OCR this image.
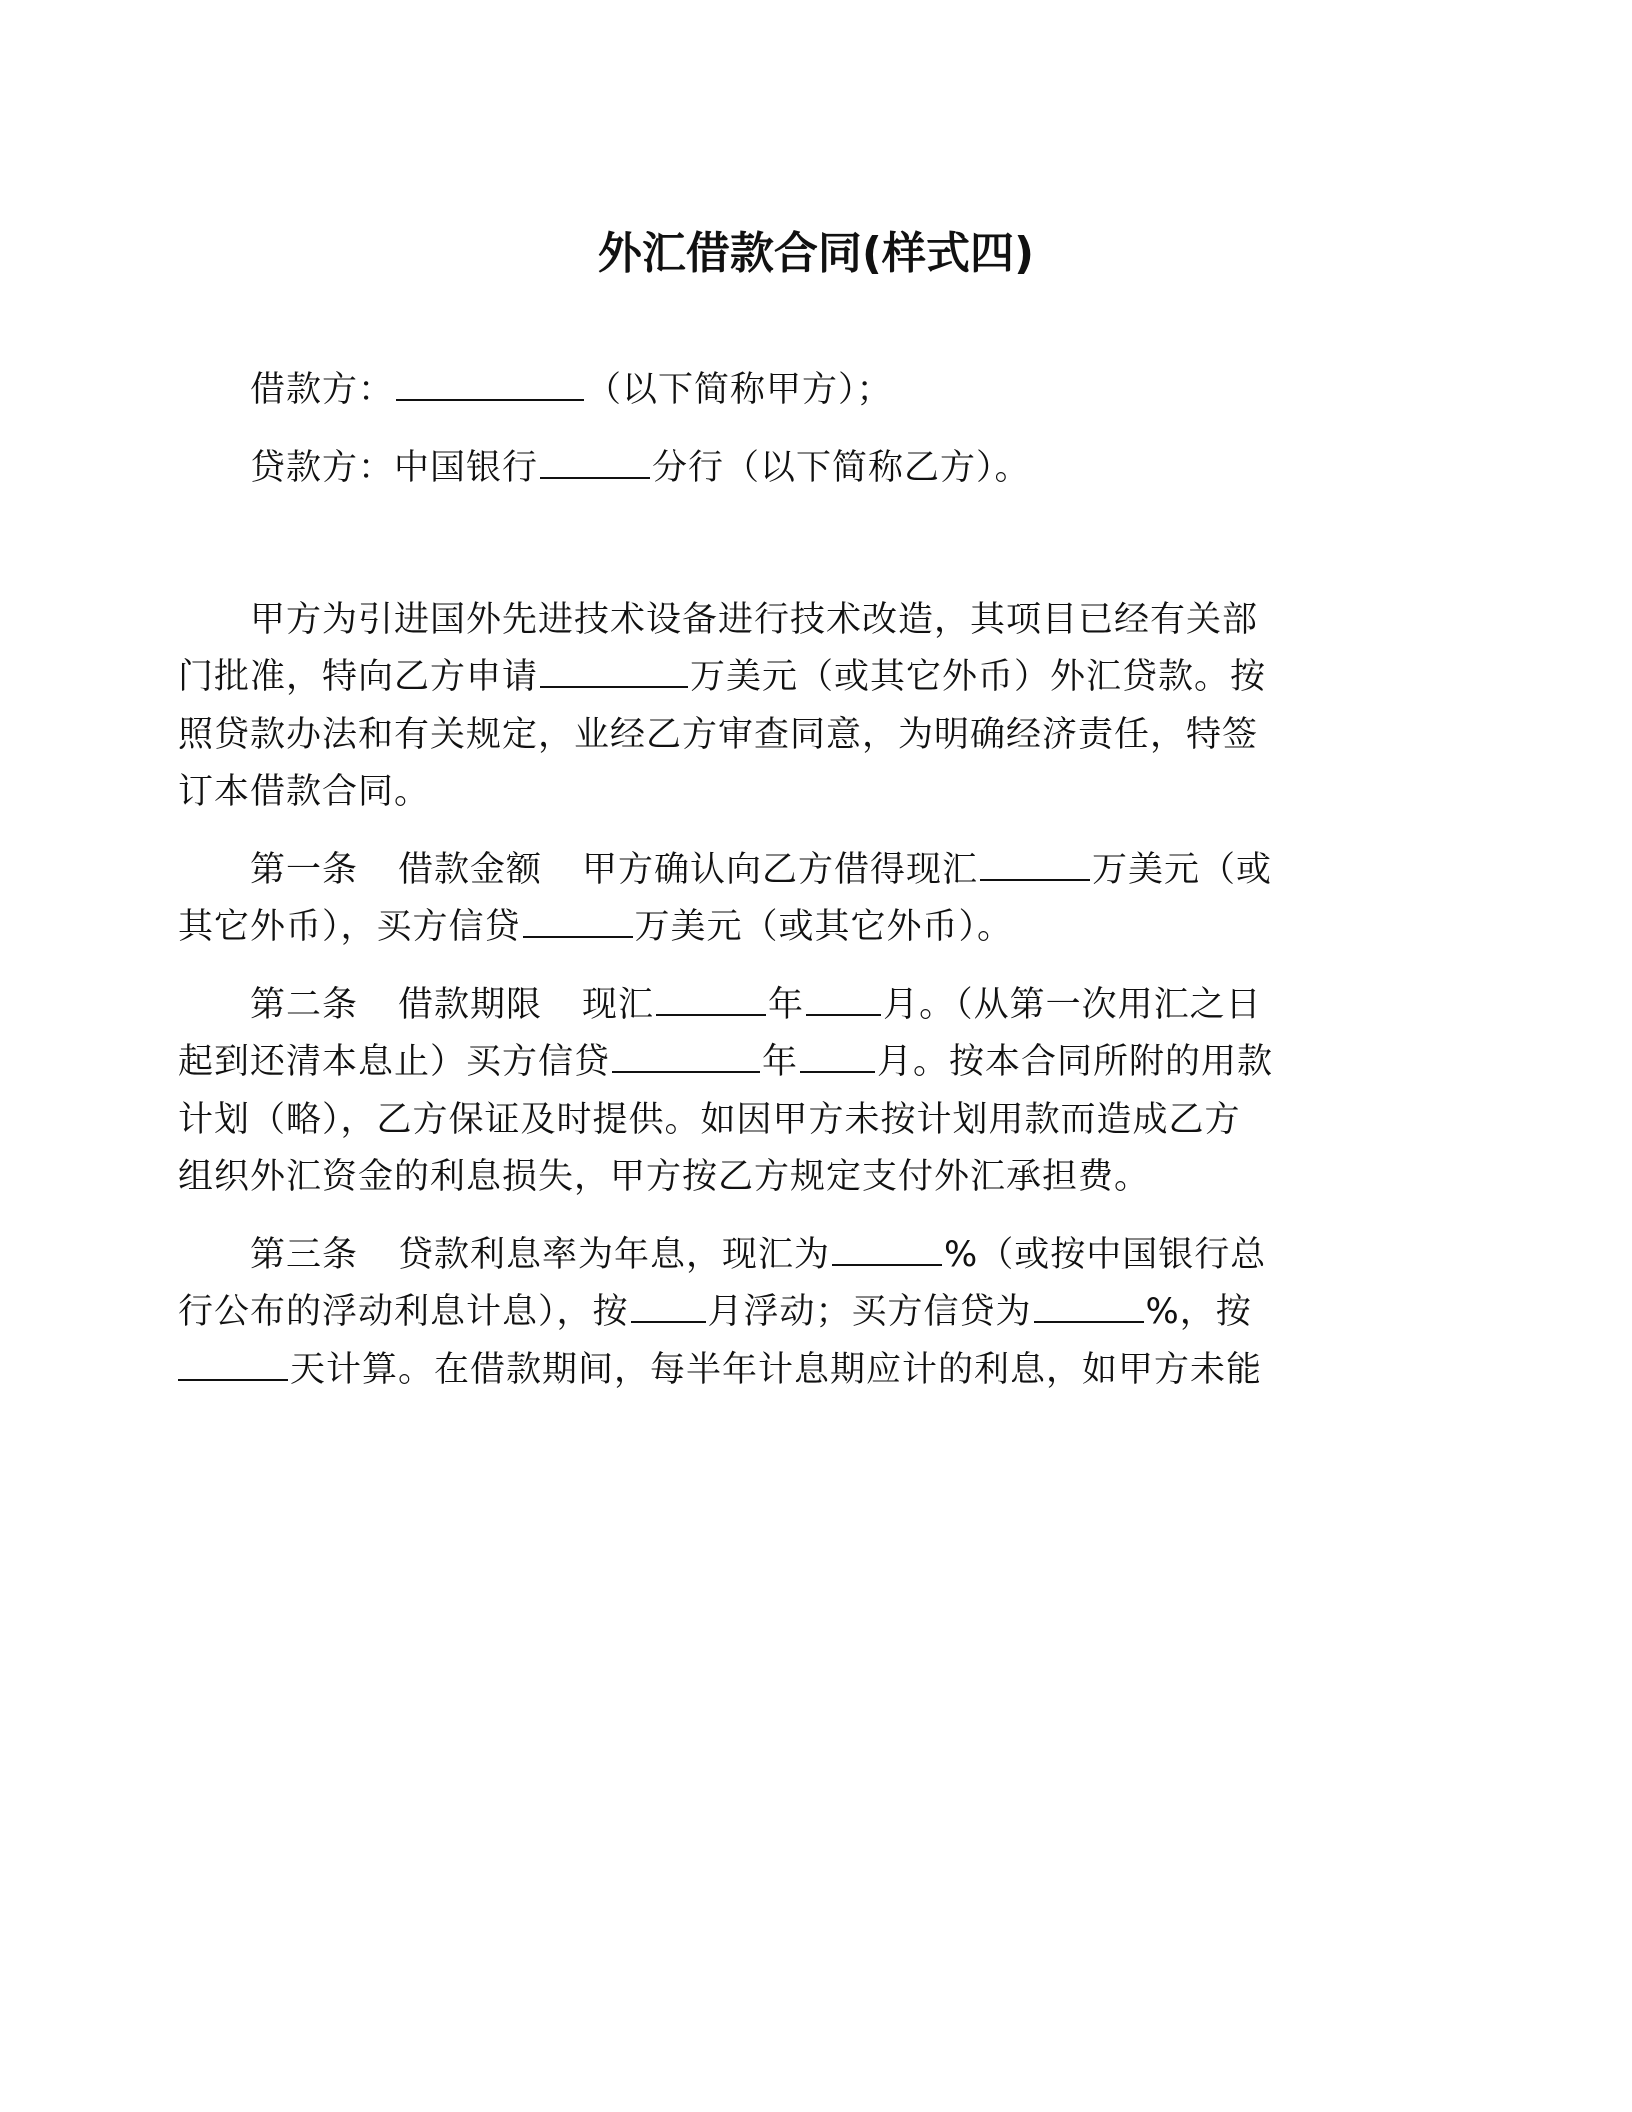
外汇借款合同(样式四)
借款方：	（以下简称甲方）；
贷款方：中国银行	分行（以下简称乙方）。
甲方为引进国外先进技术设备进行技术改造，其项目已经有关部
门批准，特向乙方申请	万美元（或其它外币）外汇贷款。按
照贷款办法和有关规定，业经乙方审查同意，为明确经济责任，特签
订本借款合同。
第一条 借款金额 甲方确认向乙方借得现汇	万美元（或
其它外币），买方信贷	万美元（或其它外币）。
第二条 借款期限 现汇	年 月。（从第一次用汇之日
起到还清本息止）买方信贷	年 月。按本合同所附的用款
计划（略），乙方保证及时提供。如因甲方未按计划用款而造成乙方
组织外汇资金的利息损失，甲方按乙方规定支付外汇承担费。
第三条 贷款利息率为年息，现汇为	%（或按中国银行总
行公布的浮动利息计息），按 月浮动；买方信贷为	%，按
天计算。在借款期间，每半年计息期应计的利息，如甲方未能
